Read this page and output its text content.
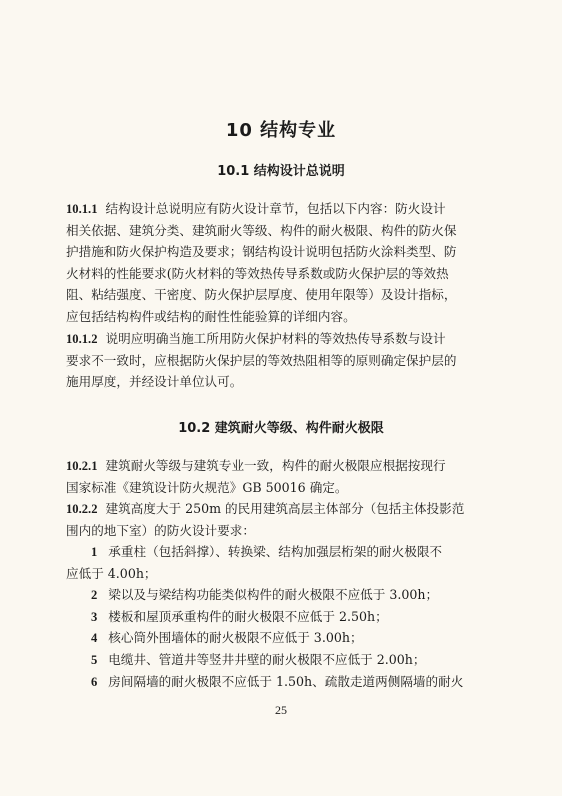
10 结构专业
10.1 结构设计总说明
10.1.1 结构设计总说明应有防火设计章节，包括以下内容：防火设计
相关依据、建筑分类、建筑耐火等级、构件的耐火极限、构件的防火保
护措施和防火保护构造及要求；钢结构设计说明包括防火涂料类型、防
火材料的性能要求(防火材料的等效热传导系数或防火保护层的等效热
阻、粘结强度、干密度、防火保护层厚度、使用年限等）及设计指标，
应包括结构构件或结构的耐性性能验算的详细内容。
10.1.2 说明应明确当施工所用防火保护材料的等效热传导系数与设计
要求不一致时，应根据防火保护层的等效热阻相等的原则确定保护层的
施用厚度，并经设计单位认可。
10.2 建筑耐火等级、构件耐火极限
10.2.1 建筑耐火等级与建筑专业一致，构件的耐火极限应根据按现行
国家标准《建筑设计防火规范》GB 50016 确定。
10.2.2 建筑高度大于 250m 的民用建筑高层主体部分（包括主体投影范
围内的地下室）的防火设计要求：
1 承重柱（包括斜撑）、转换梁、结构加强层桁架的耐火极限不
应低于 4.00h；
2 梁以及与梁结构功能类似构件的耐火极限不应低于 3.00h；
3 楼板和屋顶承重构件的耐火极限不应低于 2.50h；
4 核心筒外围墙体的耐火极限不应低于 3.00h；
5 电缆井、管道井等竖井井壁的耐火极限不应低于 2.00h；
6 房间隔墙的耐火极限不应低于 1.50h、疏散走道两侧隔墙的耐火
25
